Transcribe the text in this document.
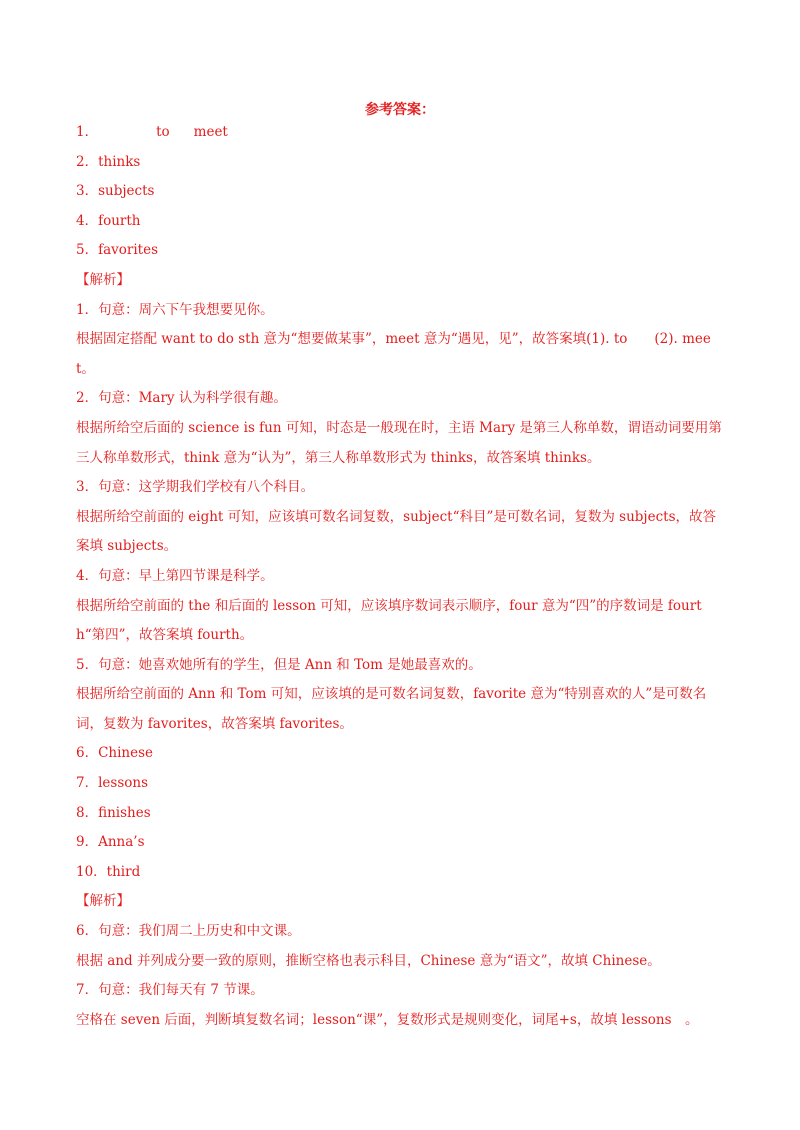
参考答案：
1．	to meet
2．thinks
3．subjects
4．fourth
5．favorites
【解析】
1．句意：周六下午我想要见你。
根据固定搭配 want to do sth 意为“想要做某事”，meet 意为“遇见，见”，故答案填(1). to　　(2). meet。
2．句意：Mary 认为科学很有趣。
根据所给空后面的 science is fun 可知，时态是一般现在时，主语 Mary 是第三人称单数，谓语动词要用第三人称单数形式，think 意为“认为”，第三人称单数形式为 thinks，故答案填 thinks。
3．句意：这学期我们学校有八个科目。
根据所给空前面的 eight 可知，应该填可数名词复数，subject“科目”是可数名词，复数为 subjects，故答案填 subjects。
4．句意：早上第四节课是科学。
根据所给空前面的 the 和后面的 lesson 可知，应该填序数词表示顺序，four 意为“四”的序数词是 fourth“第四”，故答案填 fourth。
5．句意：她喜欢她所有的学生，但是 Ann 和 Tom 是她最喜欢的。
根据所给空前面的 Ann 和 Tom 可知，应该填的是可数名词复数，favorite 意为“特别喜欢的人”是可数名词，复数为 favorites，故答案填 favorites。
6．Chinese
7．lessons
8．finishes
9．Anna’s
10．third
【解析】
6．句意：我们周二上历史和中文课。
根据 and 并列成分要一致的原则，推断空格也表示科目，Chinese 意为“语文”，故填 Chinese。
7．句意：我们每天有 7 节课。
空格在 seven 后面，判断填复数名词；lesson“课”，复数形式是规则变化，词尾+s，故填 lessons　。
